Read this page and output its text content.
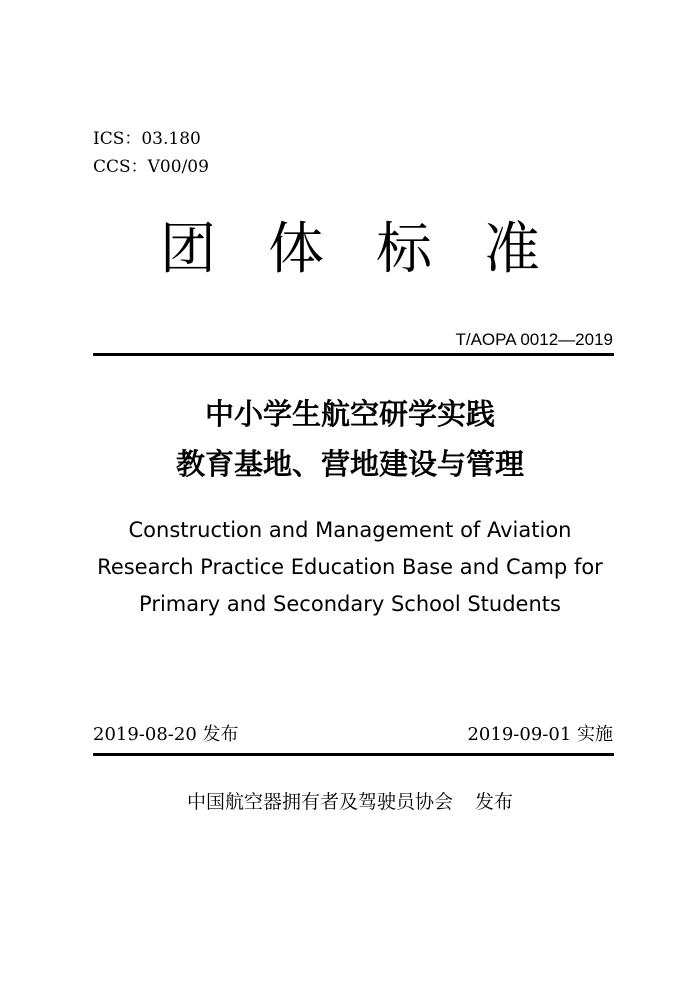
ICS：03.180
CCS：V00/09
团体标准
T/AOPA 0012—2019
中小学生航空研学实践
教育基地、营地建设与管理
Construction and Management of Aviation
Research Practice Education Base and Camp for
Primary and Secondary School Students
2019-08-20 发布	2019-09-01 实施
中国航空器拥有者及驾驶员协会 发布
